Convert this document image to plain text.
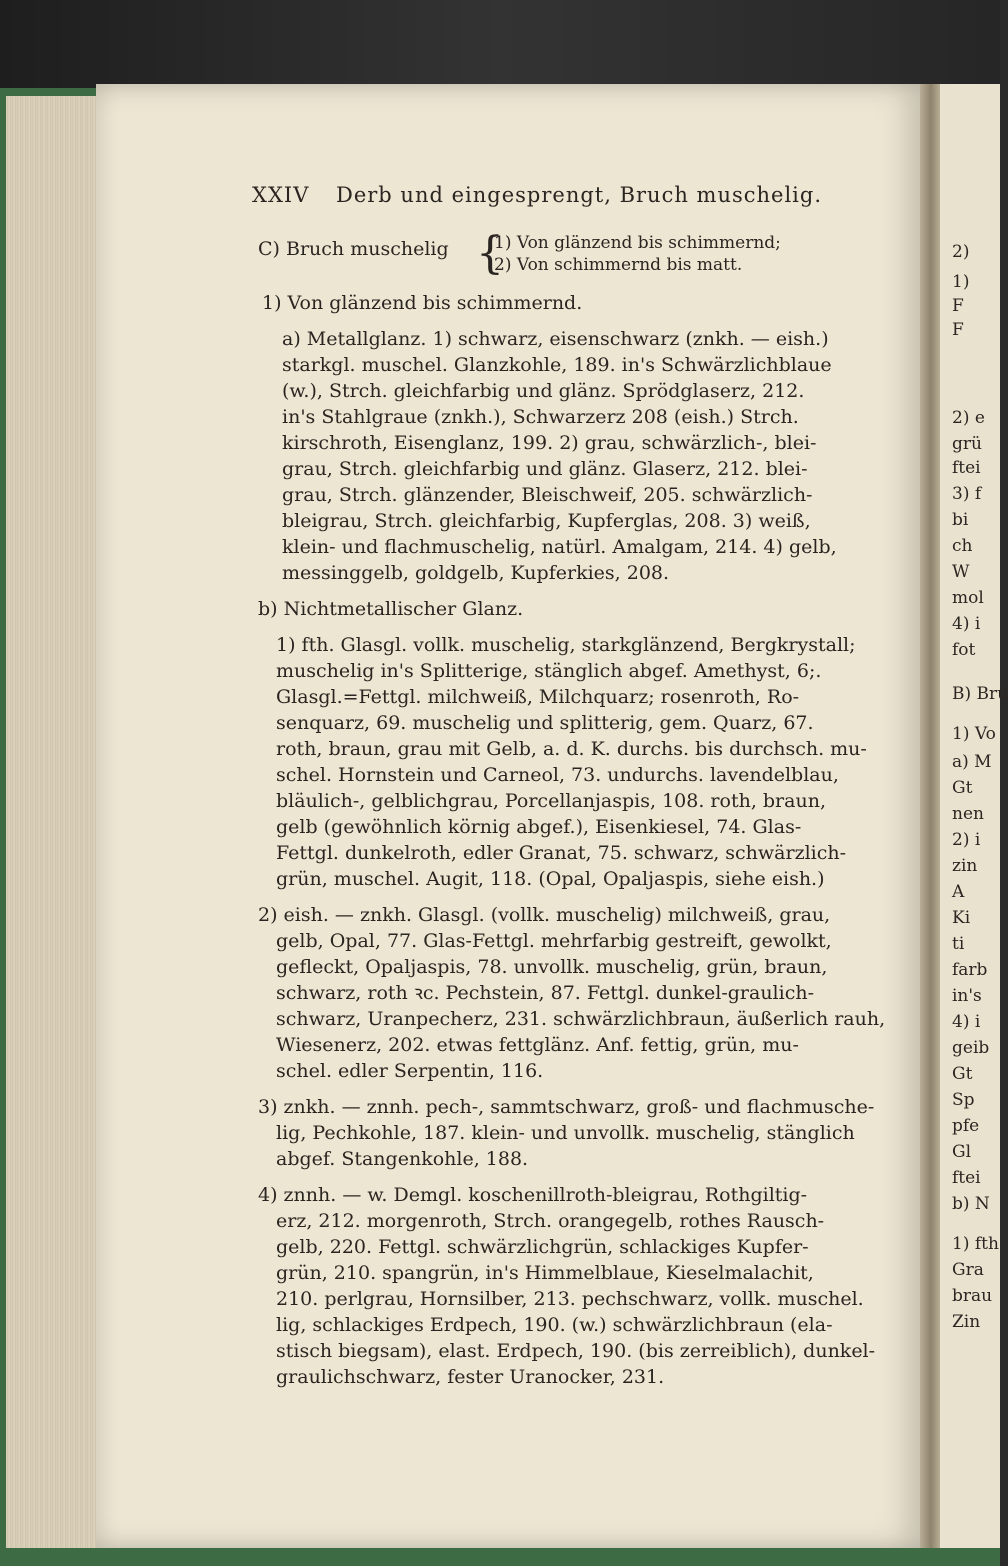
XXIV Derb und eingesprengt, Bruch muschelig.
C) Bruch muschelig {
1) Von glänzend bis schimmernd;
2) Von schimmernd bis matt.
1) Von glänzend bis schimmernd.
a) Metallglanz. 1) schwarz, eisenschwarz (znkh. — eish.)
starkgl. muschel. Glanzkohle, 189. in's Schwärzlichblaue
(w.), Strch. gleichfarbig und glänz. Sprödglaserz, 212.
in's Stahlgraue (znkh.), Schwarzerz 208 (eish.) Strch.
kirschroth, Eisenglanz, 199. 2) grau, schwärzlich-, blei-
grau, Strch. gleichfarbig und glänz. Glaserz, 212. blei-
grau, Strch. glänzender, Bleischweif, 205. schwärzlich-
bleigrau, Strch. gleichfarbig, Kupferglas, 208. 3) weiß,
klein- und flachmuschelig, natürl. Amalgam, 214. 4) gelb,
messinggelb, goldgelb, Kupferkies, 208.
b) Nichtmetallischer Glanz.
1) fth. Glasgl. vollk. muschelig, starkglänzend, Bergkrystall;
muschelig in's Splitterige, stänglich abgef. Amethyst, 6;.
Glasgl.=Fettgl. milchweiß, Milchquarz; rosenroth, Ro-
senquarz, 69. muschelig und splitterig, gem. Quarz, 67.
roth, braun, grau mit Gelb, a. d. K. durchs. bis durchsch. mu-
schel. Hornstein und Carneol, 73. undurchs. lavendelblau,
bläulich-, gelblichgrau, Porcellanjaspis, 108. roth, braun,
gelb (gewöhnlich körnig abgef.), Eisenkiesel, 74. Glas-
Fettgl. dunkelroth, edler Granat, 75. schwarz, schwärzlich-
grün, muschel. Augit, 118. (Opal, Opaljaspis, siehe eish.)
2) eish. — znkh. Glasgl. (vollk. muschelig) milchweiß, grau,
gelb, Opal, 77. Glas-Fettgl. mehrfarbig gestreift, gewolkt,
gefleckt, Opaljaspis, 78. unvollk. muschelig, grün, braun,
schwarz, roth ꝛc. Pechstein, 87. Fettgl. dunkel-graulich-
schwarz, Uranpecherz, 231. schwärzlichbraun, äußerlich rauh,
Wiesenerz, 202. etwas fettglänz. Anf. fettig, grün, mu-
schel. edler Serpentin, 116.
3) znkh. — znnh. pech-, sammtschwarz, groß- und flachmusche-
lig, Pechkohle, 187. klein- und unvollk. muschelig, stänglich
abgef. Stangenkohle, 188.
4) znnh. — w. Demgl. koschenillroth-bleigrau, Rothgiltig-
erz, 212. morgenroth, Strch. orangegelb, rothes Rausch-
gelb, 220. Fettgl. schwärzlichgrün, schlackiges Kupfer-
grün, 210. spangrün, in's Himmelblaue, Kieselmalachit,
210. perlgrau, Hornsilber, 213. pechschwarz, vollk. muschel.
lig, schlackiges Erdpech, 190. (w.) schwärzlichbraun (ela-
stisch biegsam), elast. Erdpech, 190. (bis zerreiblich), dunkel-
graulichschwarz, fester Uranocker, 231.
2)
1)
F
F
2) e
grü
ftei
3) f
bi
ch
W
mol
4) i
fot
B) Bru
1) Vo
a) M
Gt
nen
2) i
zin
A
Ki
ti
farb
in's
4) i
geib
Gt
Sp
pfe
Gl
ftei
b) N
1) fth
Gra
brau
Zin
